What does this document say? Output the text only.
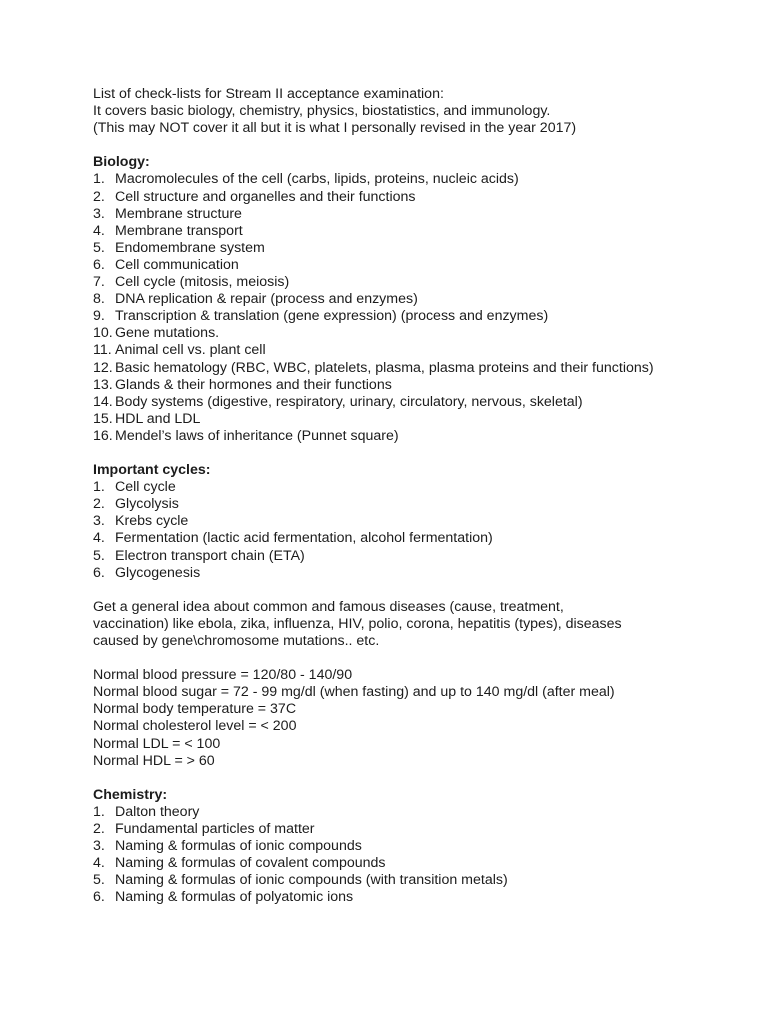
List of check-lists for Stream II acceptance examination:
It covers basic biology, chemistry, physics, biostatistics, and immunology.
(This may NOT cover it all but it is what I personally revised in the year 2017)
Biology:
1. Macromolecules of the cell (carbs, lipids, proteins, nucleic acids)
2. Cell structure and organelles and their functions
3. Membrane structure
4. Membrane transport
5. Endomembrane system
6. Cell communication
7. Cell cycle (mitosis, meiosis)
8. DNA replication & repair (process and enzymes)
9. Transcription & translation (gene expression) (process and enzymes)
10. Gene mutations.
11. Animal cell vs. plant cell
12. Basic hematology (RBC, WBC, platelets, plasma, plasma proteins and their functions)
13. Glands & their hormones and their functions
14. Body systems (digestive, respiratory, urinary, circulatory, nervous, skeletal)
15. HDL and LDL
16. Mendel’s laws of inheritance (Punnet square)
Important cycles:
1. Cell cycle
2. Glycolysis
3. Krebs cycle
4. Fermentation (lactic acid fermentation, alcohol fermentation)
5. Electron transport chain (ETA)
6. Glycogenesis
Get a general idea about common and famous diseases (cause, treatment,
vaccination) like ebola, zika, influenza, HIV, polio, corona, hepatitis (types), diseases
caused by gene\chromosome mutations.. etc.
Normal blood pressure = 120/80 - 140/90
Normal blood sugar = 72 - 99 mg/dl (when fasting) and up to 140 mg/dl (after meal)
Normal body temperature = 37C
Normal cholesterol level = < 200
Normal LDL = < 100
Normal HDL = > 60
Chemistry:
1. Dalton theory
2. Fundamental particles of matter
3. Naming & formulas of ionic compounds
4. Naming & formulas of covalent compounds
5. Naming & formulas of ionic compounds (with transition metals)
6. Naming & formulas of polyatomic ions
